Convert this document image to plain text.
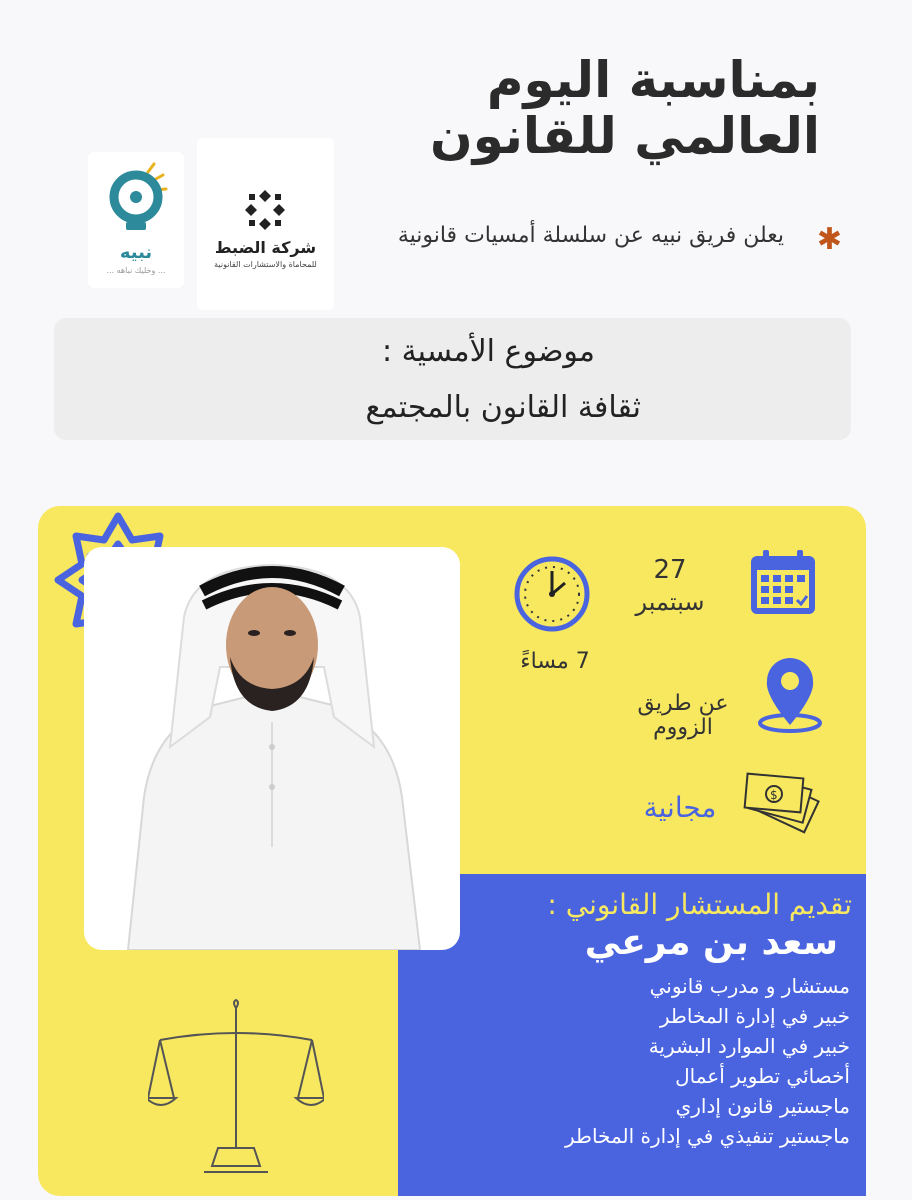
بمناسبة اليوم
العالمي للقانون
نبيه
... وخليك نباهه ...
شركة الضبط
للمحاماة والاستشارات القانونية
✱
يعلن فريق نبيه عن سلسلة أمسيات قانونية
موضوع الأمسية :
ثقافة القانون بالمجتمع
27
سبتمبر
7 مساءً
عن طريق
الزووم
$
مجانية
تقديم المستشار القانوني :
سعد بن مرعي
مستشار و مدرب قانوني
خبير في إدارة المخاطر
خبير في الموارد البشرية
أخصائي تطوير أعمال
ماجستير قانون إداري
ماجستير تنفيذي في إدارة المخاطر
